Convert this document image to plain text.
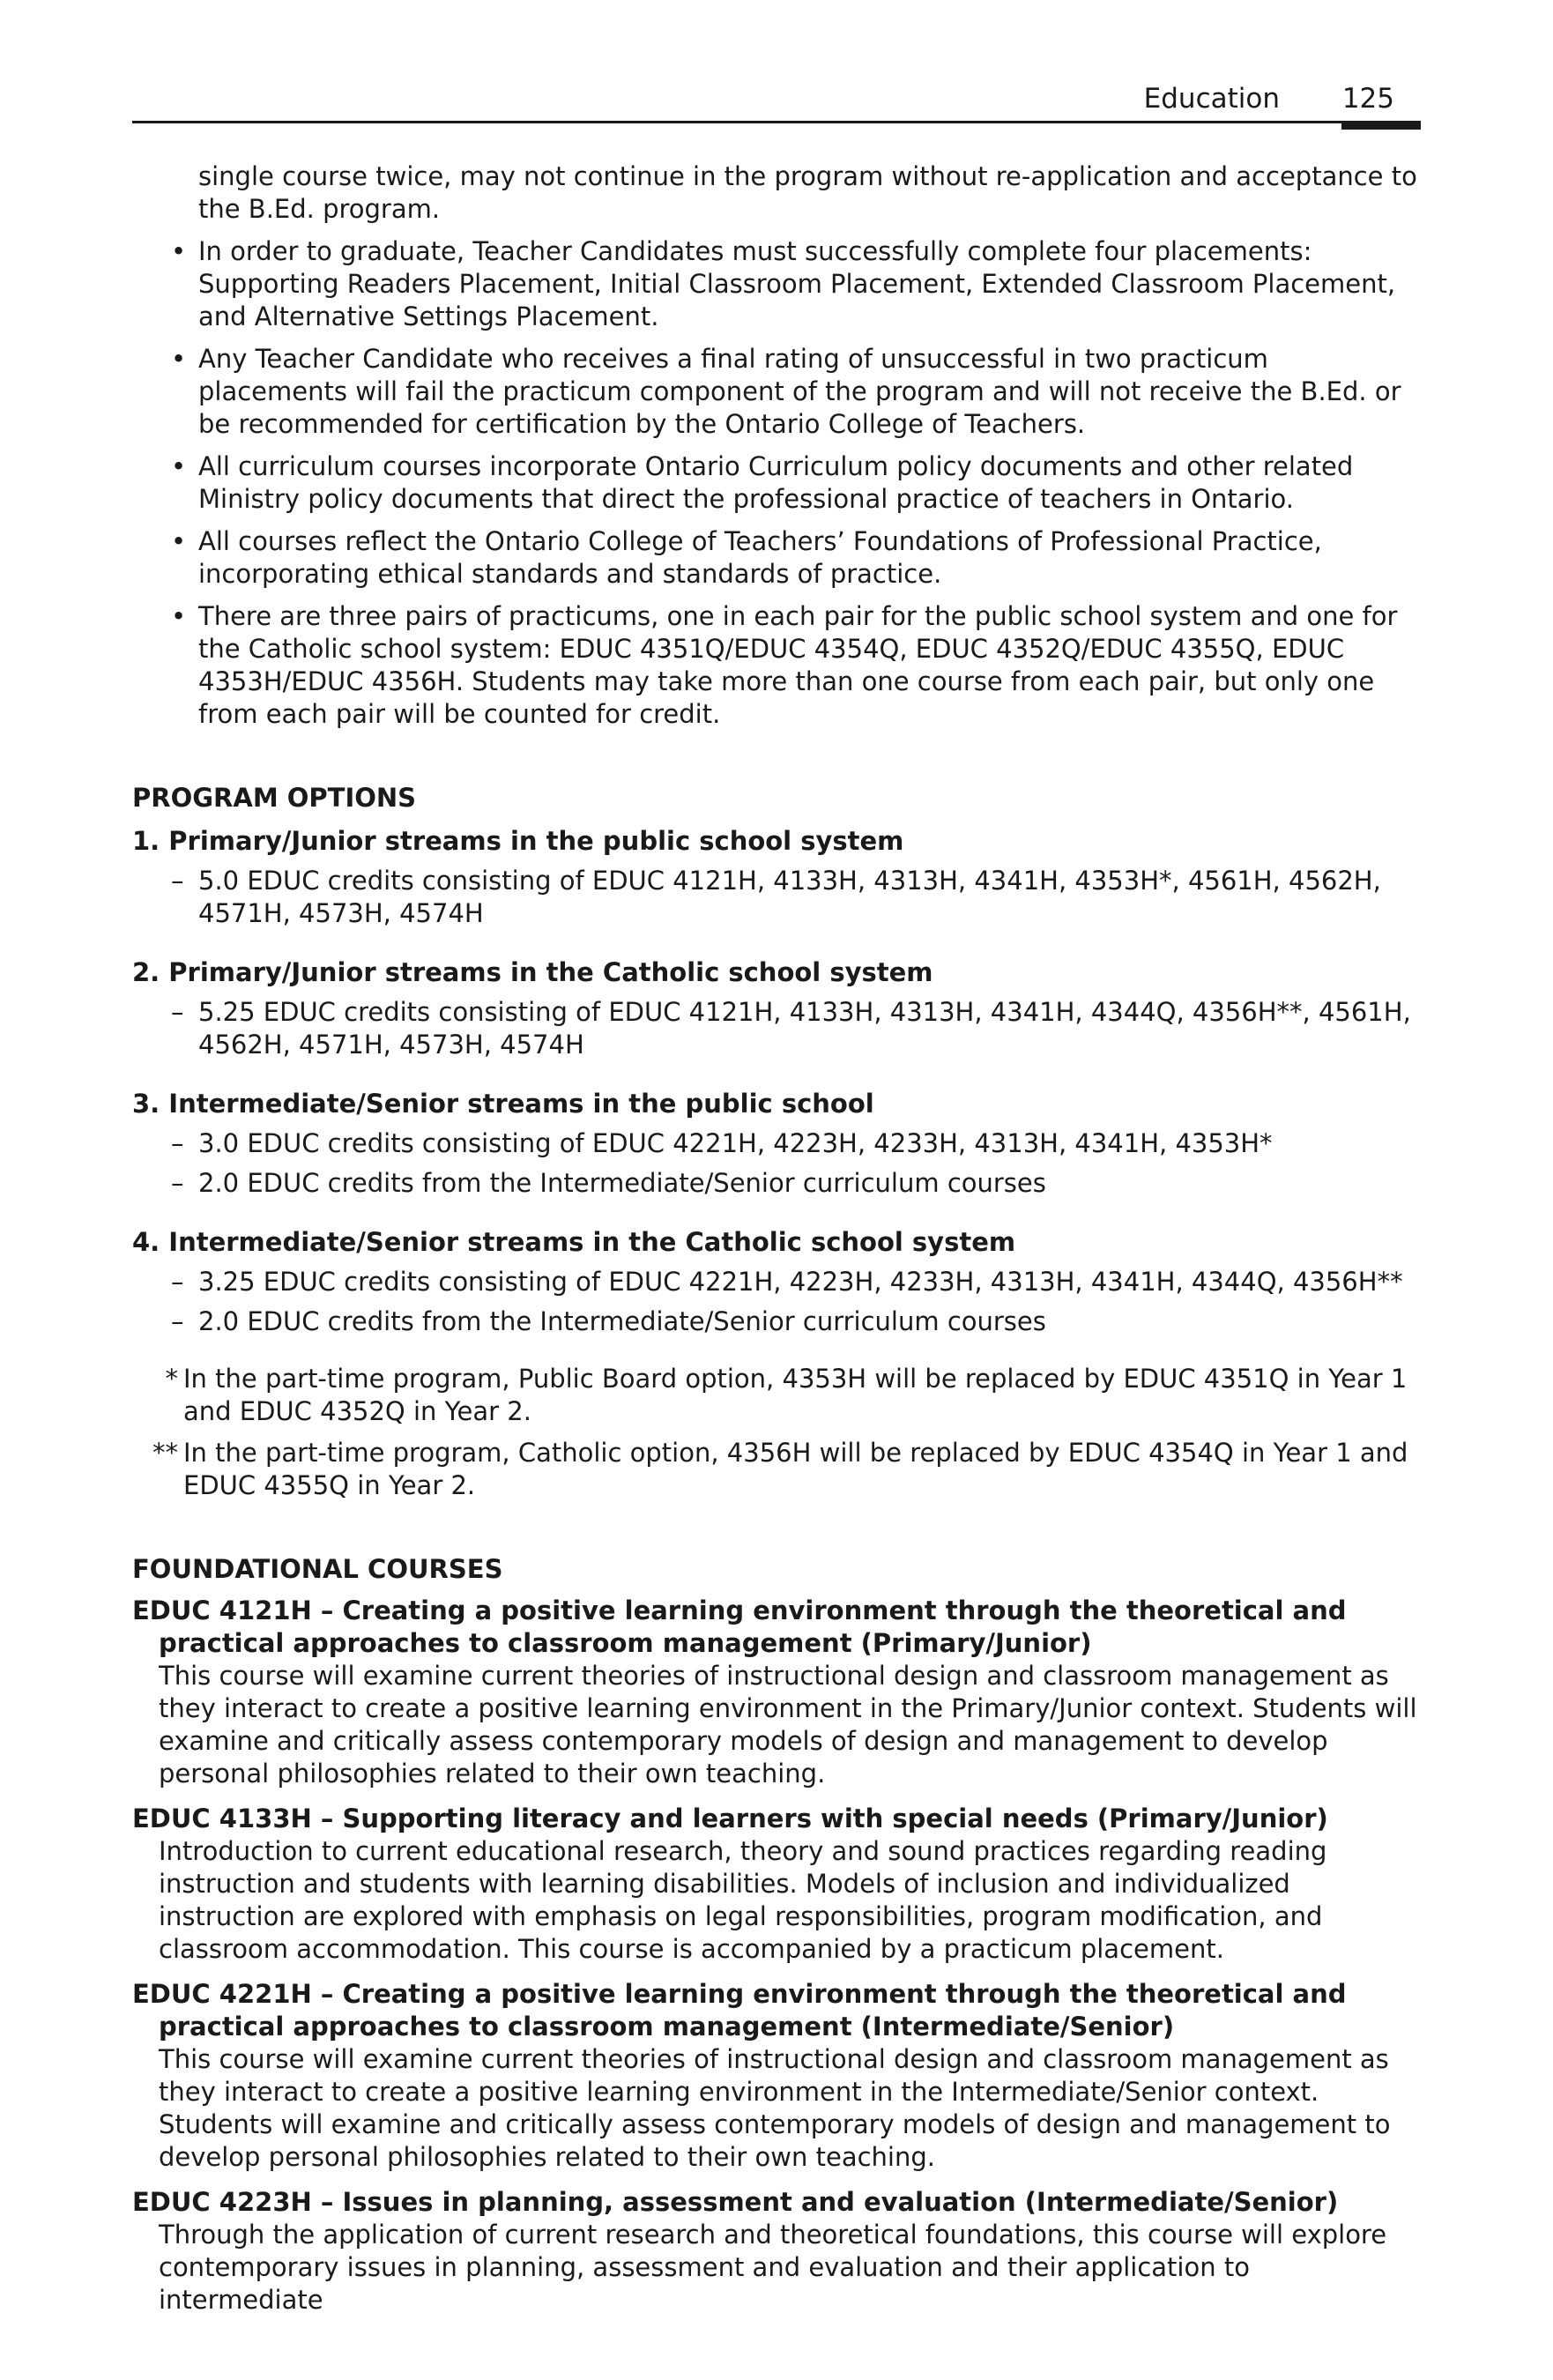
Education 125

single course twice, may not continue in the program without re-application and acceptance to the B.Ed. program.

• In order to graduate, Teacher Candidates must successfully complete four placements: Supporting Readers Placement, Initial Classroom Placement, Extended Classroom Placement, and Alternative Settings Placement.
• Any Teacher Candidate who receives a final rating of unsuccessful in two practicum placements will fail the practicum component of the program and will not receive the B.Ed. or be recommended for certification by the Ontario College of Teachers.
• All curriculum courses incorporate Ontario Curriculum policy documents and other related Ministry policy documents that direct the professional practice of teachers in Ontario.
• All courses reflect the Ontario College of Teachers’ Foundations of Professional Practice, incorporating ethical standards and standards of practice.
• There are three pairs of practicums, one in each pair for the public school system and one for the Catholic school system: EDUC 4351Q/EDUC 4354Q, EDUC 4352Q/EDUC 4355Q, EDUC 4353H/EDUC 4356H. Students may take more than one course from each pair, but only one from each pair will be counted for credit.

PROGRAM OPTIONS

1. Primary/Junior streams in the public school system

– 5.0 EDUC credits consisting of EDUC 4121H, 4133H, 4313H, 4341H, 4353H*, 4561H, 4562H, 4571H, 4573H, 4574H

2. Primary/Junior streams in the Catholic school system

– 5.25 EDUC credits consisting of EDUC 4121H, 4133H, 4313H, 4341H, 4344Q, 4356H**, 4561H, 4562H, 4571H, 4573H, 4574H

3. Intermediate/Senior streams in the public school

– 3.0 EDUC credits consisting of EDUC 4221H, 4223H, 4233H, 4313H, 4341H, 4353H*
– 2.0 EDUC credits from the Intermediate/Senior curriculum courses

4. Intermediate/Senior streams in the Catholic school system

– 3.25 EDUC credits consisting of EDUC 4221H, 4223H, 4233H, 4313H, 4341H, 4344Q, 4356H**
– 2.0 EDUC credits from the Intermediate/Senior curriculum courses
* In the part-time program, Public Board option, 4353H will be replaced by EDUC 4351Q in Year 1 and EDUC 4352Q in Year 2.
** In the part-time program, Catholic option, 4356H will be replaced by EDUC 4354Q in Year 1 and EDUC 4355Q in Year 2.

FOUNDATIONAL COURSES

EDUC 4121H – Creating a positive learning environment through the theoretical and practical approaches to classroom management (Primary/Junior)

This course will examine current theories of instructional design and classroom management as they interact to create a positive learning environment in the Primary/Junior context. Students will examine and critically assess contemporary models of design and management to develop personal philosophies related to their own teaching.

EDUC 4133H – Supporting literacy and learners with special needs (Primary/Junior)

Introduction to current educational research, theory and sound practices regarding reading instruction and students with learning disabilities. Models of inclusion and individualized instruction are explored with emphasis on legal responsibilities, program modification, and classroom accommodation. This course is accompanied by a practicum placement.

EDUC 4221H – Creating a positive learning environment through the theoretical and practical approaches to classroom management (Intermediate/Senior)

This course will examine current theories of instructional design and classroom management as they interact to create a positive learning environment in the Intermediate/Senior context. Students will examine and critically assess contemporary models of design and management to develop personal philosophies related to their own teaching.

EDUC 4223H – Issues in planning, assessment and evaluation (Intermediate/Senior)

Through the application of current research and theoretical foundations, this course will explore contemporary issues in planning, assessment and evaluation and their application to intermediate
